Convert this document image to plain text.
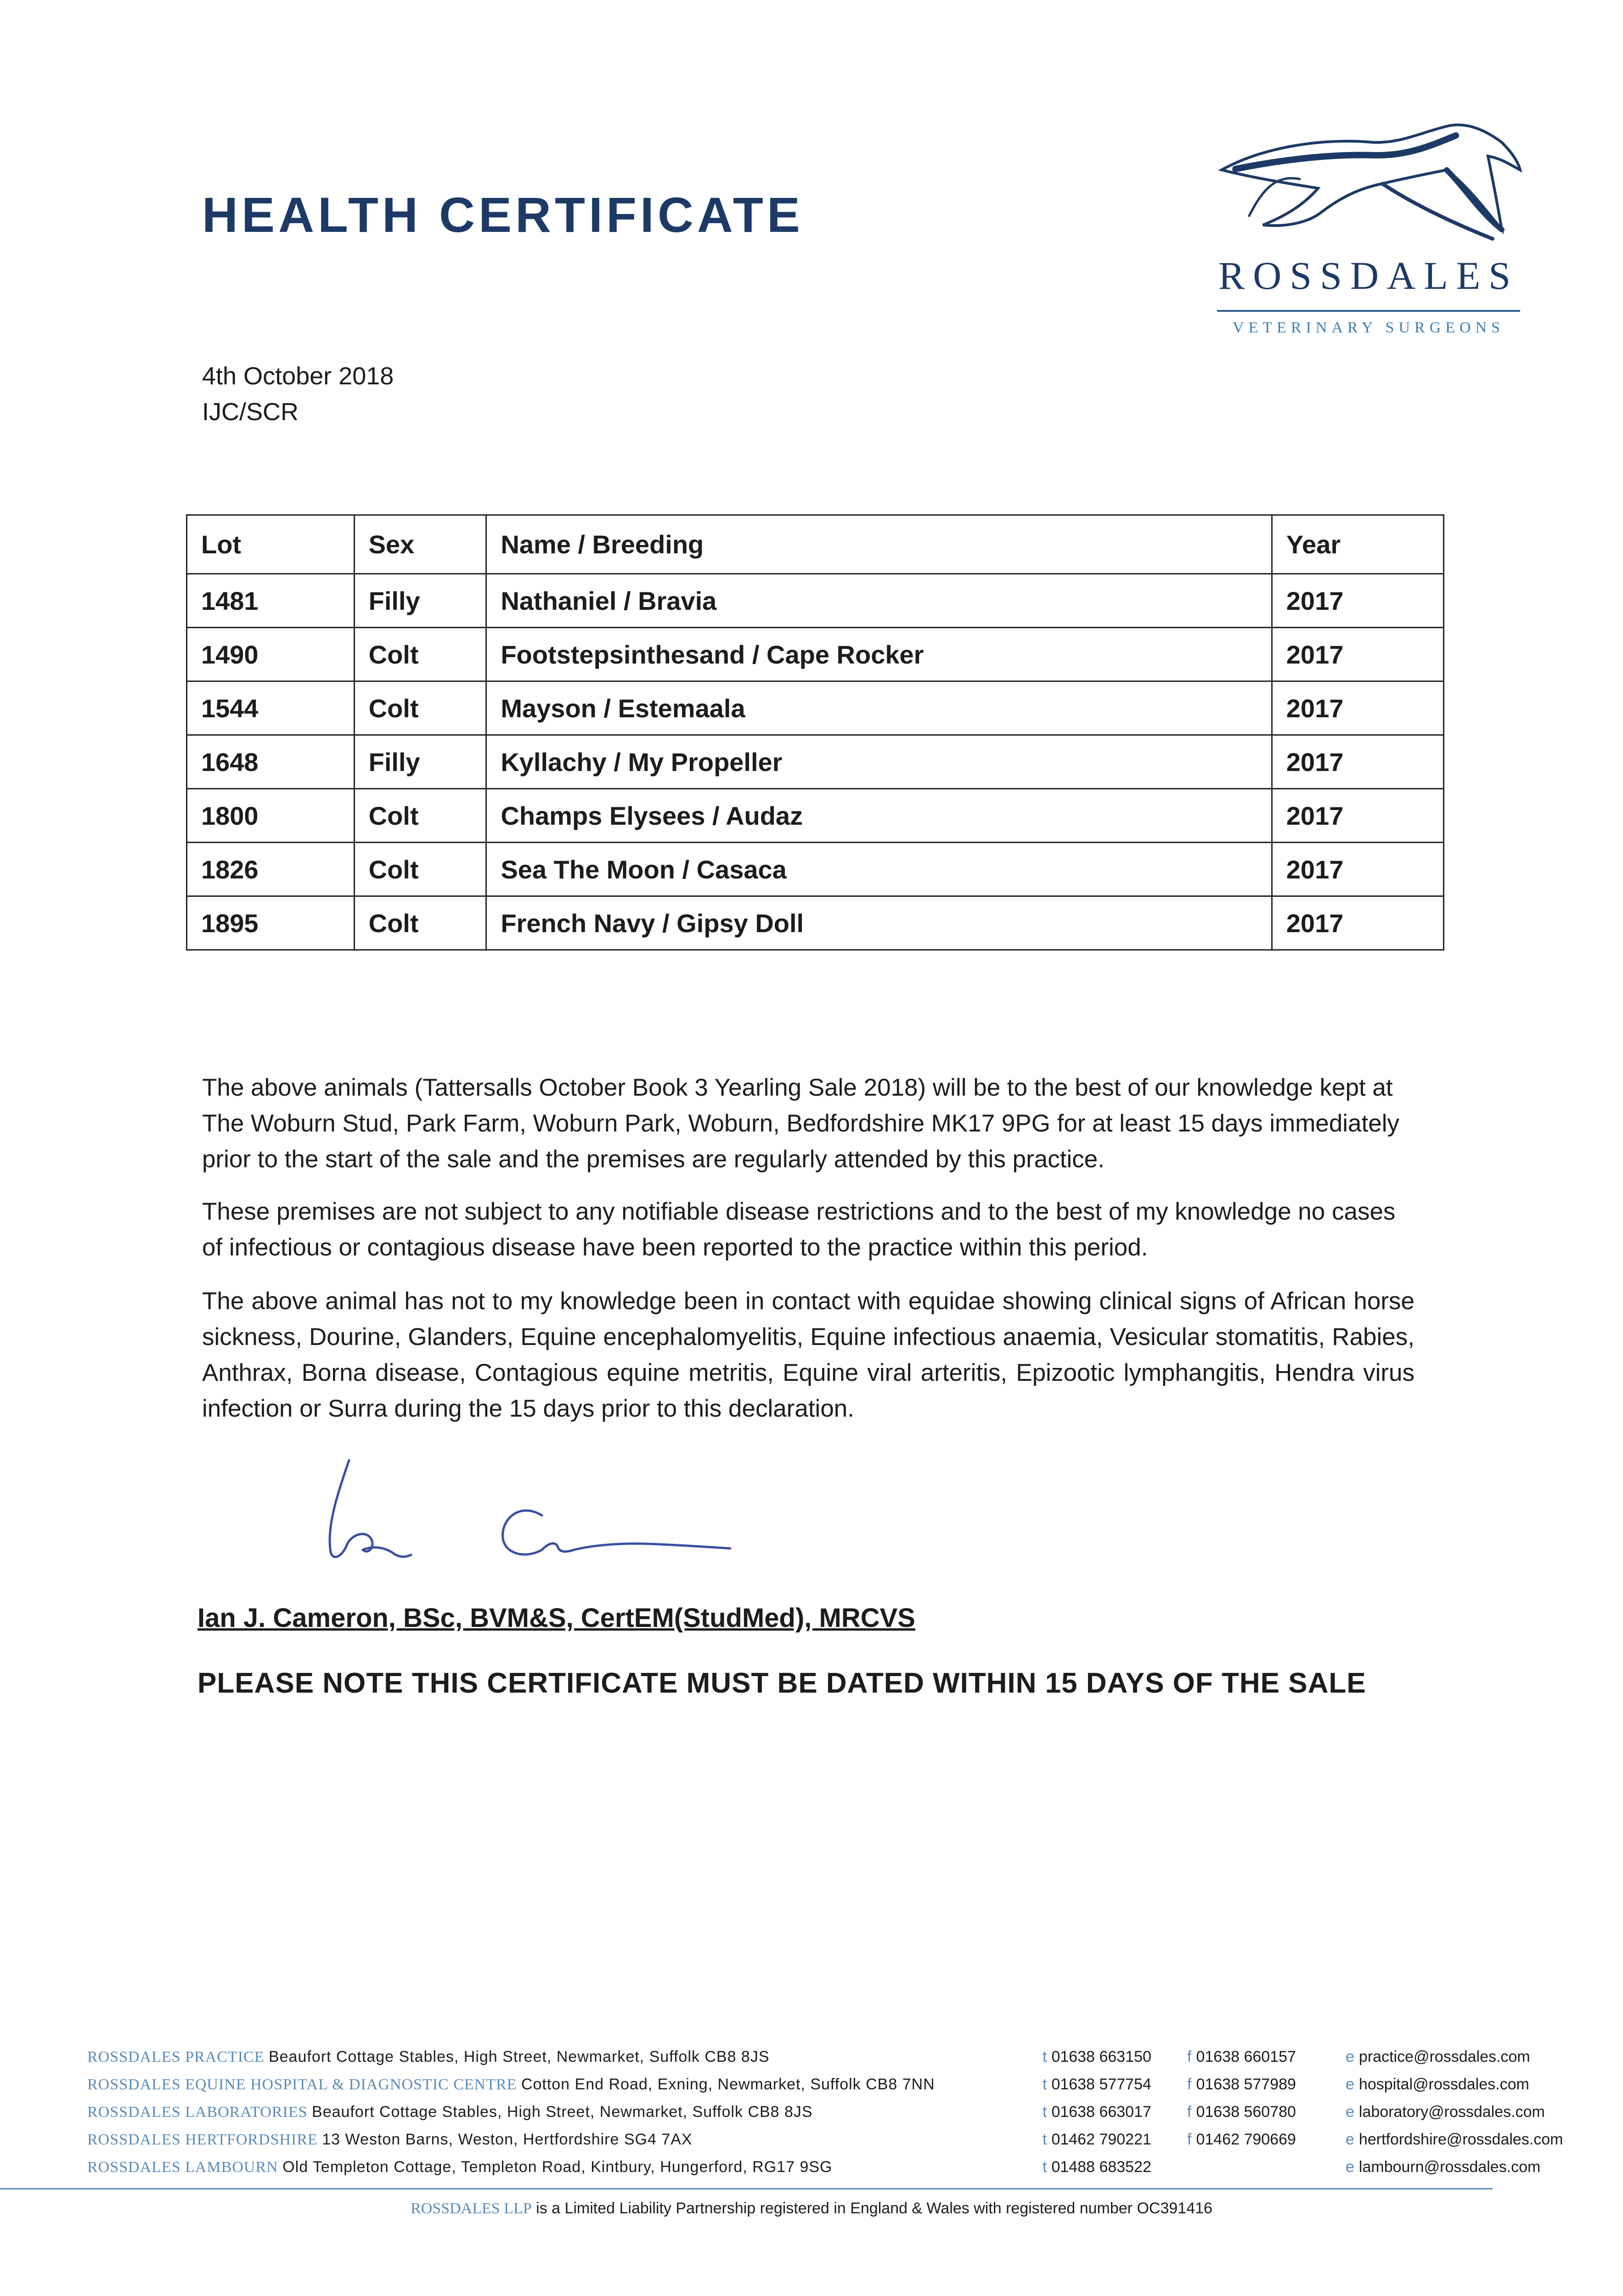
HEALTH CERTIFICATE
ROSSDALES
VETERINARY SURGEONS
4th October 2018
IJC/SCR
Lot	Sex	Name / Breeding	Year
1481	Filly	Nathaniel / Bravia	2017
1490	Colt	Footstepsinthesand / Cape Rocker	2017
1544	Colt	Mayson / Estemaala	2017
1648	Filly	Kyllachy / My Propeller	2017
1800	Colt	Champs Elysees / Audaz	2017
1826	Colt	Sea The Moon / Casaca	2017
1895	Colt	French Navy / Gipsy Doll	2017

The above animals (Tattersalls October Book 3 Yearling Sale 2018) will be to the best of our knowledge kept at The Woburn Stud, Park Farm, Woburn Park, Woburn, Bedfordshire MK17 9PG for at least 15 days immediately prior to the start of the sale and the premises are regularly attended by this practice.

These premises are not subject to any notifiable disease restrictions and to the best of my knowledge no cases of infectious or contagious disease have been reported to the practice within this period.

The above animal has not to my knowledge been in contact with equidae showing clinical signs of African horse sickness, Dourine, Glanders, Equine encephalomyelitis, Equine infectious anaemia, Vesicular stomatitis, Rabies, Anthrax, Borna disease, Contagious equine metritis, Equine viral arteritis, Epizootic lymphangitis, Hendra virus infection or Surra during the 15 days prior to this declaration.

Ian J. Cameron, BSc, BVM&S, CertEM(StudMed), MRCVS
PLEASE NOTE THIS CERTIFICATE MUST BE DATED WITHIN 15 DAYS OF THE SALE
ROSSDALES PRACTICE Beaufort Cottage Stables, High Street, Newmarket, Suffolk CB8 8JS	t 01638 663150 f 01638 660157	e practice@rossdales.com
ROSSDALES EQUINE HOSPITAL & DIAGNOSTIC CENTRE Cotton End Road, Exning, Newmarket, Suffolk CB8 7NN	t 01638 577754 f 01638 577989	e hospital@rossdales.com
ROSSDALES LABORATORIES Beaufort Cottage Stables, High Street, Newmarket, Suffolk CB8 8JS	t 01638 663017 f 01638 560780	e laboratory@rossdales.com
ROSSDALES HERTFORDSHIRE 13 Weston Barns, Weston, Hertfordshire SG4 7AX	t 01462 790221 f 01462 790669	e hertfordshire@rossdales.com
ROSSDALES LAMBOURN Old Templeton Cottage, Templeton Road, Kintbury, Hungerford, RG17 9SG	t 01488 683522	e lambourn@rossdales.com
ROSSDALES LLP is a Limited Liability Partnership registered in England & Wales with registered number OC391416
